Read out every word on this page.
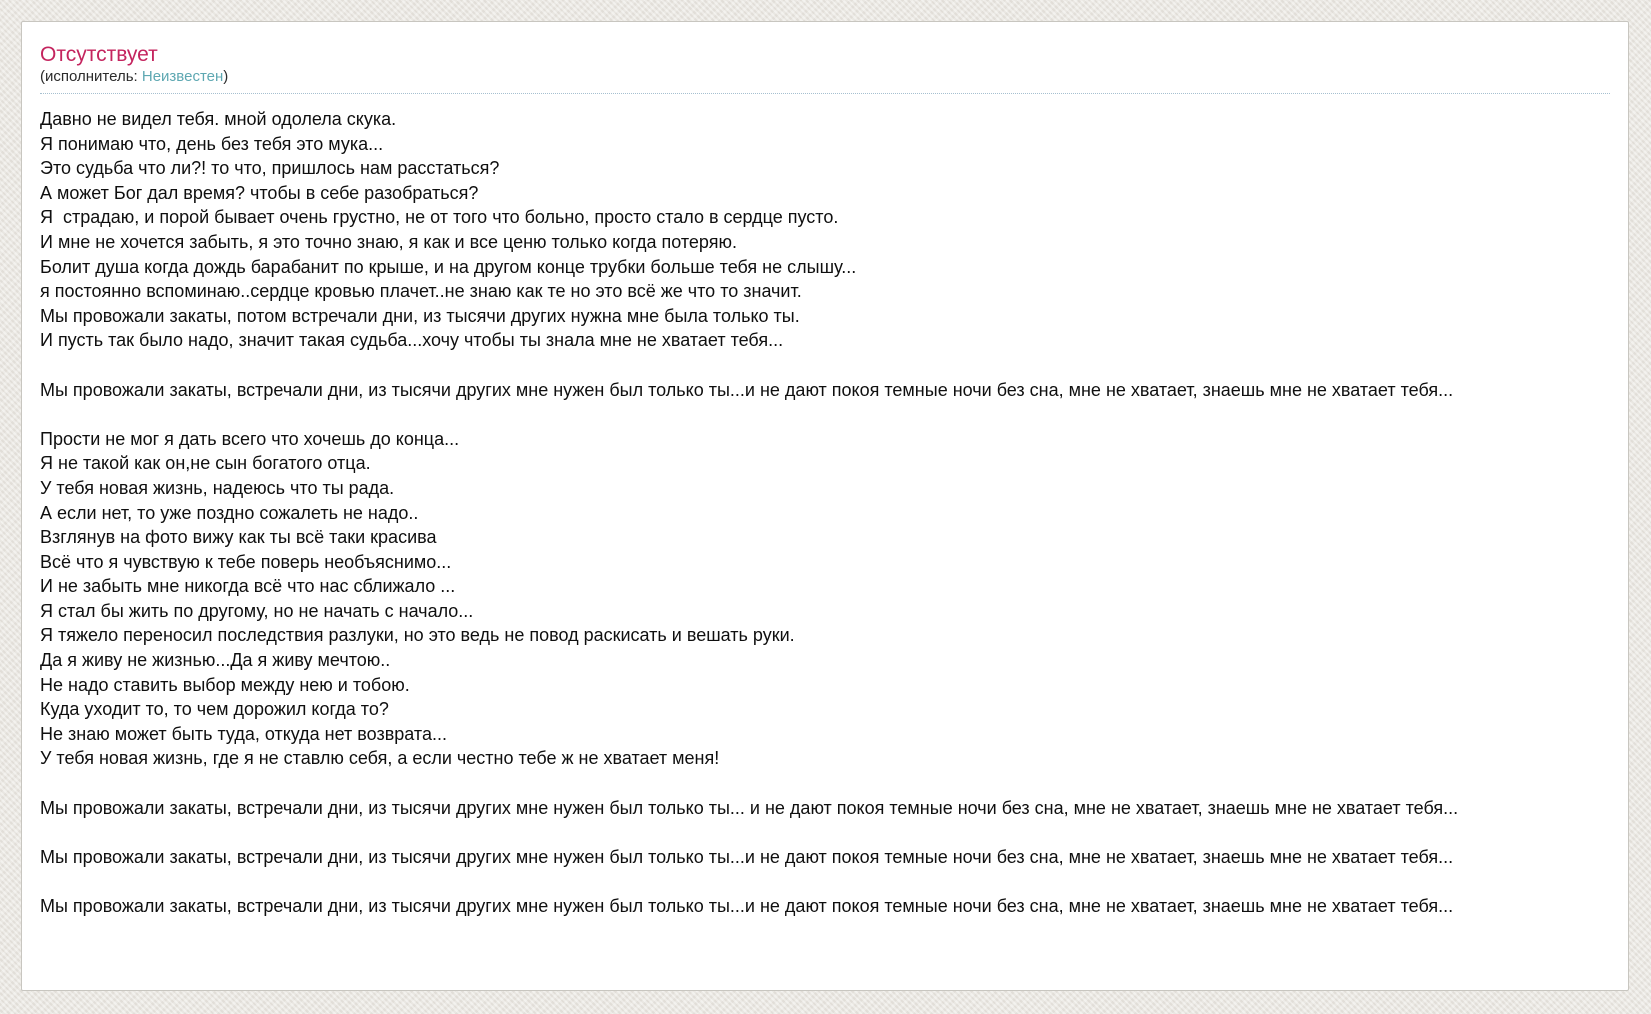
Отсутствует
(исполнитель: Неизвестен)
Давно не видел тебя. мной одолела скука.
Я понимаю что, день без тебя это мука...
Это судьба что ли?! то что, пришлось нам расстаться?
А может Бог дал время? чтобы в себе разобраться?
Я  страдаю, и порой бывает очень грустно, не от того что больно, просто стало в сердце пусто.
И мне не хочется забыть, я это точно знаю, я как и все ценю только когда потеряю.
Болит душа когда дождь барабанит по крыше, и на другом конце трубки больше тебя не слышу...
я постоянно вспоминаю..сердце кровью плачет..не знаю как те но это всё же что то значит.
Мы провожали закаты, потом встречали дни, из тысячи других нужна мне была только ты.
И пусть так было надо, значит такая судьба...хочу чтобы ты знала мне не хватает тебя...

Мы провожали закаты, встречали дни, из тысячи других мне нужен был только ты...и не дают покоя темные ночи без сна, мне не хватает, знаешь мне не хватает тебя...

Прости не мог я дать всего что хочешь до конца...
Я не такой как он,не сын богатого отца.
У тебя новая жизнь, надеюсь что ты рада.
А если нет, то уже поздно сожалеть не надо..
Взглянув на фото вижу как ты всё таки красива
Всё что я чувствую к тебе поверь необъяснимо...
И не забыть мне никогда всё что нас сближало ...
Я стал бы жить по другому, но не начать с начало...
Я тяжело переносил последствия разлуки, но это ведь не повод раскисать и вешать руки.
Да я живу не жизнью...Да я живу мечтою..
Не надо ставить выбор между нею и тобою.
Куда уходит то, то чем дорожил когда то?
Не знаю может быть туда, откуда нет возврата...
У тебя новая жизнь, где я не ставлю себя, а если честно тебе ж не хватает меня!

Мы провожали закаты, встречали дни, из тысячи других мне нужен был только ты... и не дают покоя темные ночи без сна, мне не хватает, знаешь мне не хватает тебя...

Мы провожали закаты, встречали дни, из тысячи других мне нужен был только ты...и не дают покоя темные ночи без сна, мне не хватает, знаешь мне не хватает тебя...

Мы провожали закаты, встречали дни, из тысячи других мне нужен был только ты...и не дают покоя темные ночи без сна, мне не хватает, знаешь мне не хватает тебя...
